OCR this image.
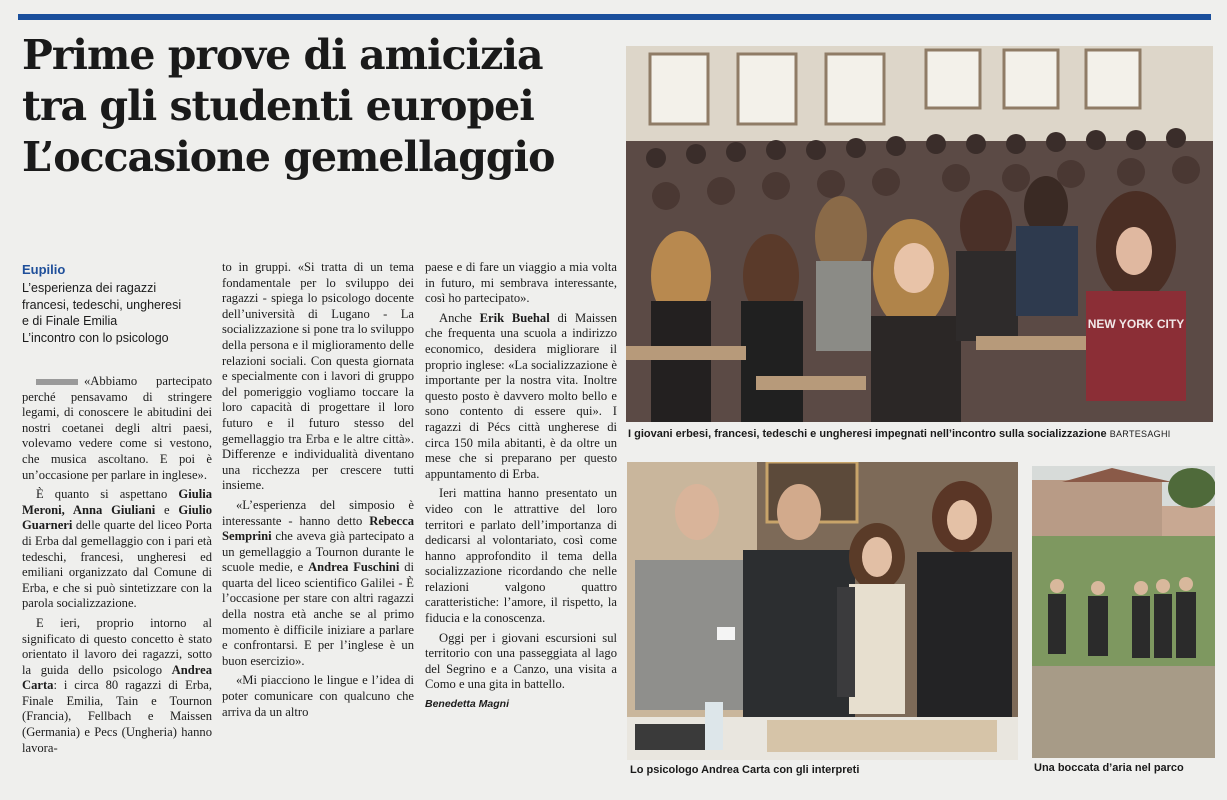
Prime prove di amicizia
tra gli studenti europei
L’occasione gemellaggio
Eupilio
L’esperienza dei ragazzi
francesi, tedeschi, ungheresi
e di Finale Emilia
L’incontro con lo psicologo

«Abbiamo partecipato perché pensavamo di stringere legami, di conoscere le abitudini dei nostri coetanei degli altri paesi, volevamo vedere come si vestono, che musica ascoltano. E poi è un’occasione per parlare in inglese».

È quanto si aspettano Giulia Meroni, Anna Giuliani e Giulio Guarneri delle quarte del liceo Porta di Erba dal gemellaggio con i pari età tedeschi, francesi, ungheresi ed emiliani organizzato dal Comune di Erba, e che si può sintetizzare con la parola socializzazione.

E ieri, proprio intorno al significato di questo concetto è stato orientato il lavoro dei ragazzi, sotto la guida dello psicologo Andrea Carta: i circa 80 ragazzi di Erba, Finale Emilia, Tain e Tournon (Francia), Fellbach e Maissen (Germania) e Pecs (Ungheria) hanno lavora-

to in gruppi. «Si tratta di un tema fondamentale per lo sviluppo dei ragazzi - spiega lo psicologo docente dell’università di Lugano - La socializzazione si pone tra lo sviluppo della persona e il miglioramento delle relazioni sociali. Con questa giornata e specialmente con i lavori di gruppo del pomeriggio vogliamo toccare la loro capacità di progettare il loro futuro e il futuro stesso del gemellaggio tra Erba e le altre città». Differenze e individualità diventano una ricchezza per crescere tutti insieme.

«L’esperienza del simposio è interessante - hanno detto Rebecca Semprini che aveva già partecipato a un gemellaggio a Tournon durante le scuole medie, e Andrea Fuschini di quarta del liceo scientifico Galilei - È l’occasione per stare con altri ragazzi della nostra età anche se al primo momento è difficile iniziare a parlare e confrontarsi. E per l’inglese è un buon esercizio».

«Mi piacciono le lingue e l’idea di poter comunicare con qualcuno che arriva da un altro

paese e di fare un viaggio a mia volta in futuro, mi sembrava interessante, così ho partecipato».

Anche Erik Buehal di Maissen che frequenta una scuola a indirizzo economico, desidera migliorare il proprio inglese: «La socializzazione è importante per la nostra vita. Inoltre questo posto è davvero molto bello e sono contento di essere qui». I ragazzi di Pécs città ungherese di circa 150 mila abitanti, è da oltre un mese che si preparano per questo appuntamento di Erba.

Ieri mattina hanno presentato un video con le attrattive del loro territori e parlato dell’importanza di dedicarsi al volontariato, così come hanno approfondito il tema della socializzazione ricordando che nelle relazioni valgono quattro caratteristiche: l’amore, il rispetto, la fiducia e la conoscenza.

Oggi per i giovani escursioni sul territorio con una passeggiata al lago del Segrino e a Canzo, una visita a Como e una gita in battello.

Benedetta Magni

NEW YORK CITY
I giovani erbesi, francesi, tedeschi e ungheresi impegnati nell’incontro sulla socializzazione BARTESAGHI
Lo psicologo Andrea Carta con gli interpreti	Una boccata d’aria nel parco
